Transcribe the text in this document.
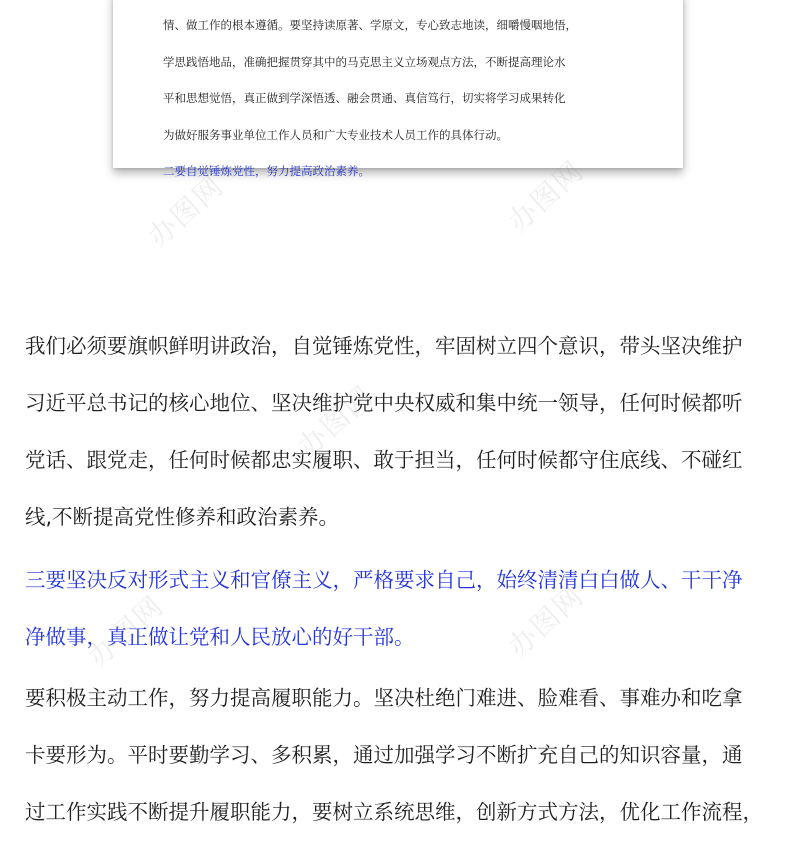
情、做工作的根本遵循。要坚持读原著、学原文，专心致志地读，细嚼慢咽地悟，

学思践悟地品，准确把握贯穿其中的马克思主义立场观点方法，不断提高理论水

平和思想觉悟，真正做到学深悟透、融会贯通、真信笃行，切实将学习成果转化

为做好服务事业单位工作人员和广大专业技术人员工作的具体行动。

二要自觉锤炼党性，努力提高政治素养。

我们必须要旗帜鲜明讲政治，自觉锤炼党性，牢固树立四个意识，带头坚决维护

习近平总书记的核心地位、坚决维护党中央权威和集中统一领导，任何时候都听

党话、跟党走，任何时候都忠实履职、敢于担当，任何时候都守住底线、不碰红

线,不断提高党性修养和政治素养。

三要坚决反对形式主义和官僚主义，严格要求自己，始终清清白白做人、干干净

净做事，真正做让党和人民放心的好干部。

要积极主动工作，努力提高履职能力。坚决杜绝门难进、脸难看、事难办和吃拿

卡要形为。平时要勤学习、多积累，通过加强学习不断扩充自己的知识容量，通

过工作实践不断提升履职能力，要树立系统思维，创新方式方法，优化工作流程，

办图网	办图网
办图网
办图网	办图网
